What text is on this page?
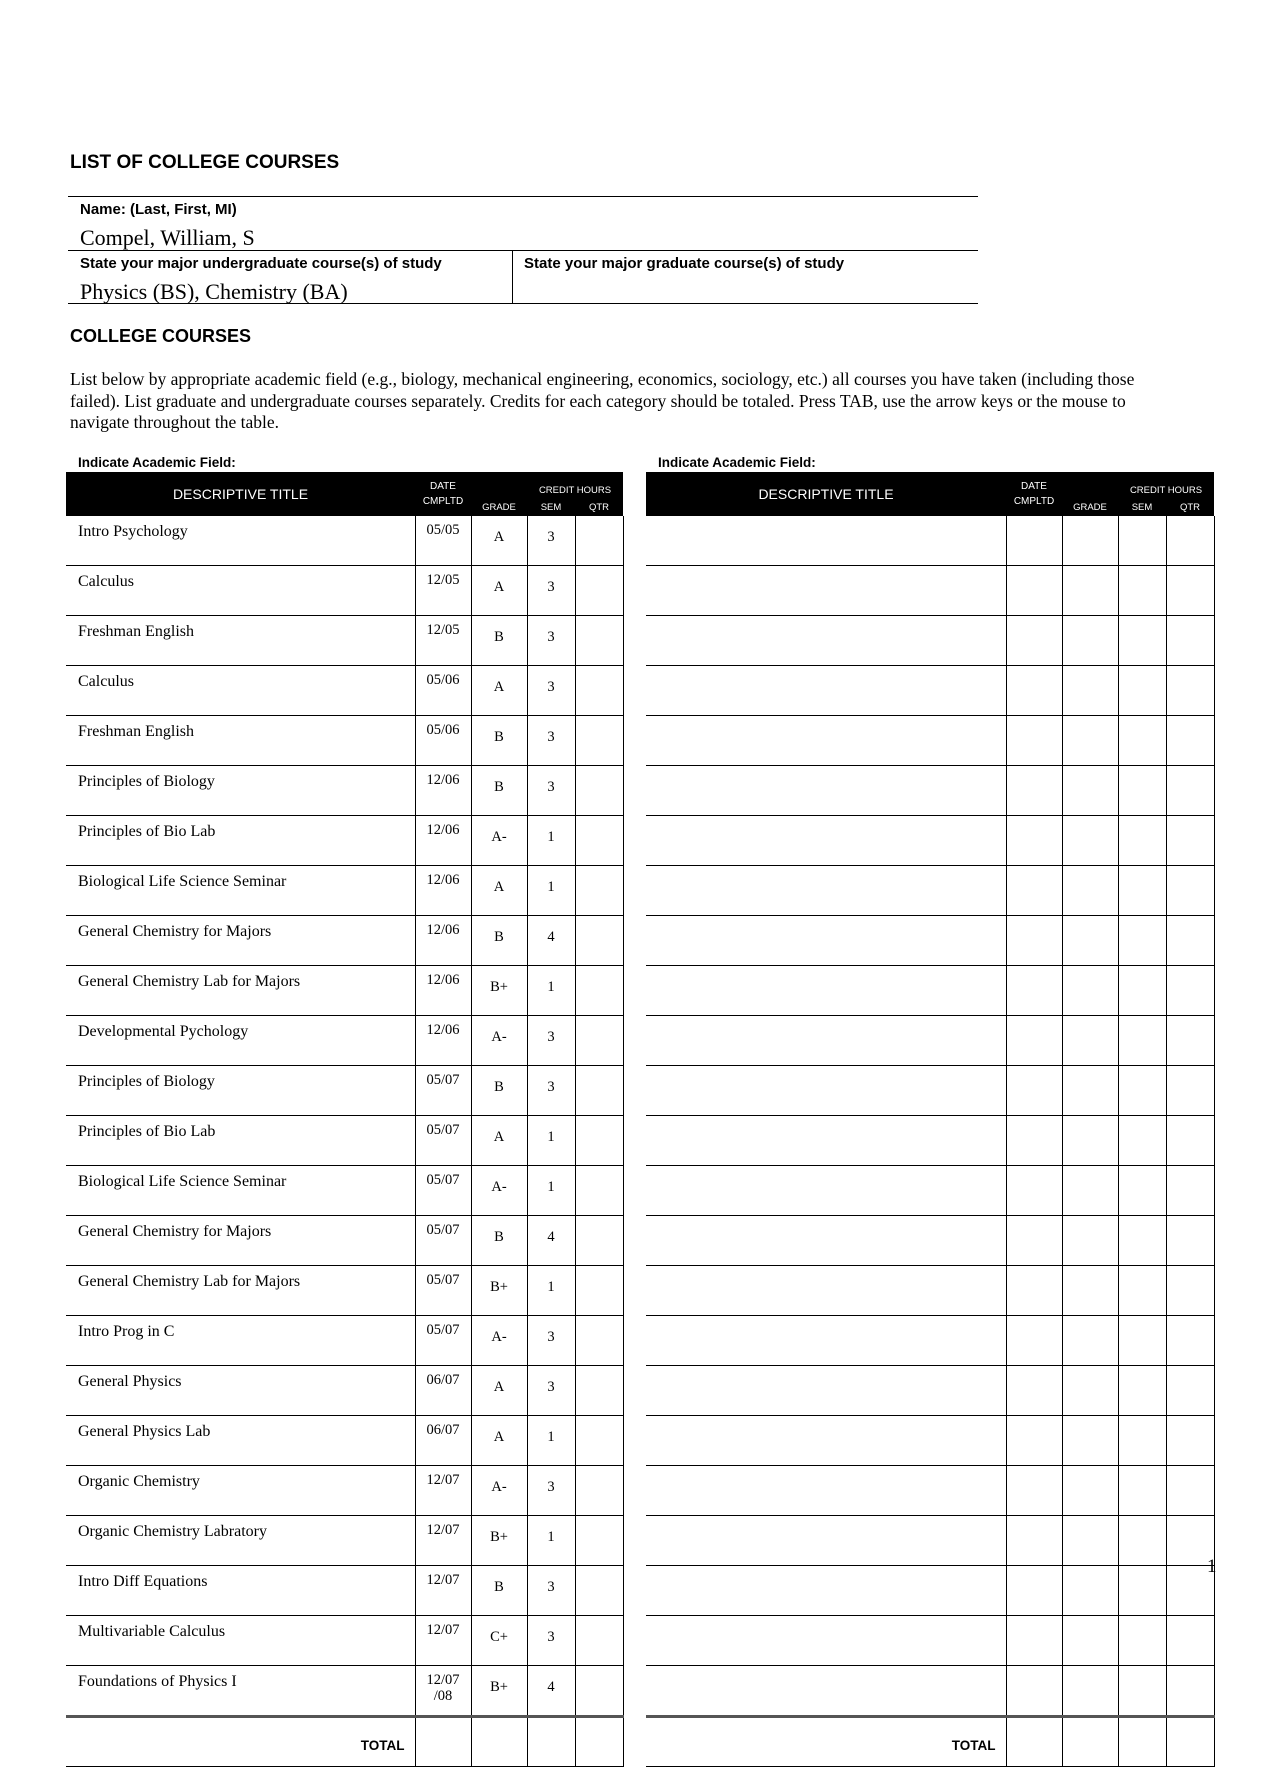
LIST OF COLLEGE COURSES
Name: (Last, First, MI)
Compel, William, S
State your major undergraduate course(s) of study
Physics (BS), Chemistry (BA)
State your major graduate course(s) of study
COLLEGE COURSES
List below by appropriate academic field (e.g., biology, mechanical engineering, economics, sociology, etc.) all courses you have taken (including those failed). List graduate and undergraduate courses separately. Credits for each category should be totaled. Press TAB, use the arrow keys or the mouse to navigate throughout the table.
Indicate Academic Field:	Indicate Academic Field:
DESCRIPTIVE TITLE	DATE
CMPLTD	GRADE	CREDIT HOURS	
			SEM	QTR
Intro Psychology	05/05	A	3	
Calculus	12/05	A	3	
Freshman English	12/05	B	3	
Calculus	05/06	A	3	
Freshman English	05/06	B	3	
Principles of Biology	12/06	B	3	
Principles of Bio Lab	12/06	A-	1	
Biological Life Science Seminar	12/06	A	1	
General Chemistry for Majors	12/06	B	4	
General Chemistry Lab for Majors	12/06	B+	1	
Developmental Pychology	12/06	A-	3	
Principles of Biology	05/07	B	3	
Principles of Bio Lab	05/07	A	1	
Biological Life Science Seminar	05/07	A-	1	
General Chemistry for Majors	05/07	B	4	
General Chemistry Lab for Majors	05/07	B+	1	
Intro Prog in C	05/07	A-	3	
General Physics	06/07	A	3	
General Physics Lab	06/07	A	1	
Organic Chemistry	12/07	A-	3	
Organic Chemistry Labratory	12/07	B+	1	
Intro Diff Equations	12/07	B	3	
Multivariable Calculus	12/07	C+	3	
Foundations of Physics I	12/07 /08	B+	4	
TOTAL				
DESCRIPTIVE TITLE	DATE
CMPLTD	GRADE	CREDIT HOURS	
			SEM	QTR

TOTAL				
1
